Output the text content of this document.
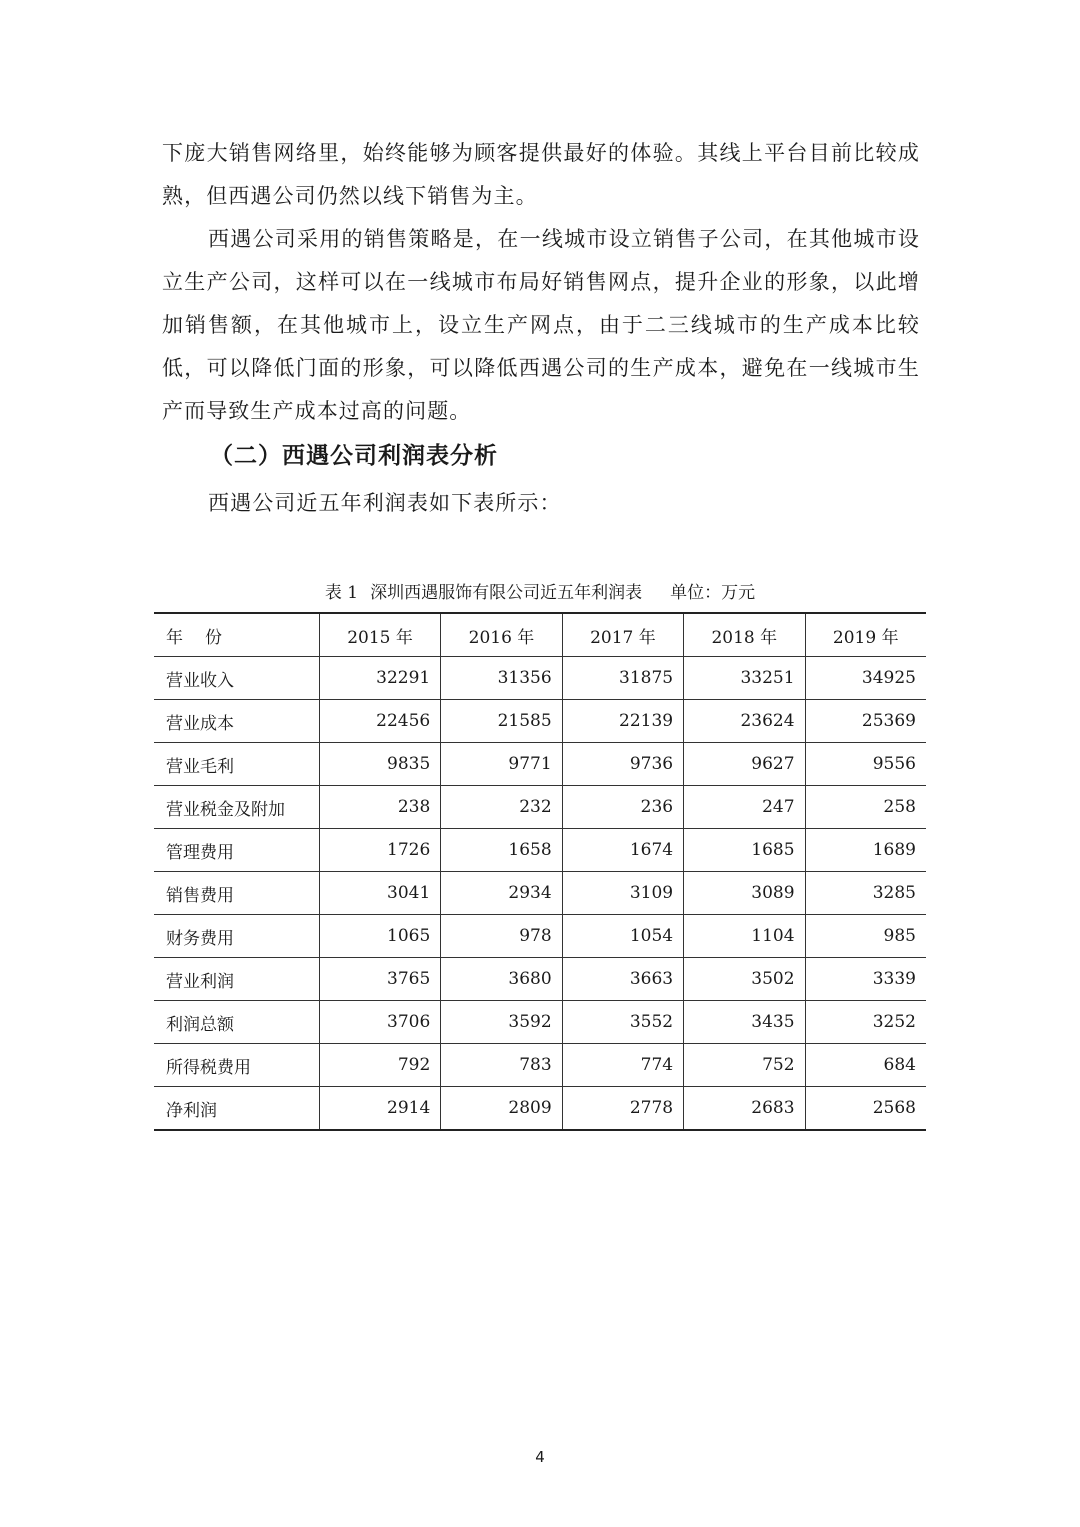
下庞大销售网络里，始终能够为顾客提供最好的体验。其线上平台目前比较成熟，但西遇公司仍然以线下销售为主。

西遇公司采用的销售策略是，在一线城市设立销售子公司，在其他城市设立生产公司，这样可以在一线城市布局好销售网点，提升企业的形象，以此增加销售额，在其他城市上，设立生产网点，由于二三线城市的生产成本比较低，可以降低门面的形象，可以降低西遇公司的生产成本，避免在一线城市生产而导致生产成本过高的问题。

（二）西遇公司利润表分析

西遇公司近五年利润表如下表所示：

表 1 深圳西遇服饰有限公司近五年利润表 单位：万元

年份	2015 年	2016 年	2017 年	2018 年	2019 年
营业收入	32291	31356	31875	33251	34925
营业成本	22456	21585	22139	23624	25369
营业毛利	9835	9771	9736	9627	9556
营业税金及附加	238	232	236	247	258
管理费用	1726	1658	1674	1685	1689
销售费用	3041	2934	3109	3089	3285
财务费用	1065	978	1054	1104	985
营业利润	3765	3680	3663	3502	3339
利润总额	3706	3592	3552	3435	3252
所得税费用	792	783	774	752	684
净利润	2914	2809	2778	2683	2568

4
